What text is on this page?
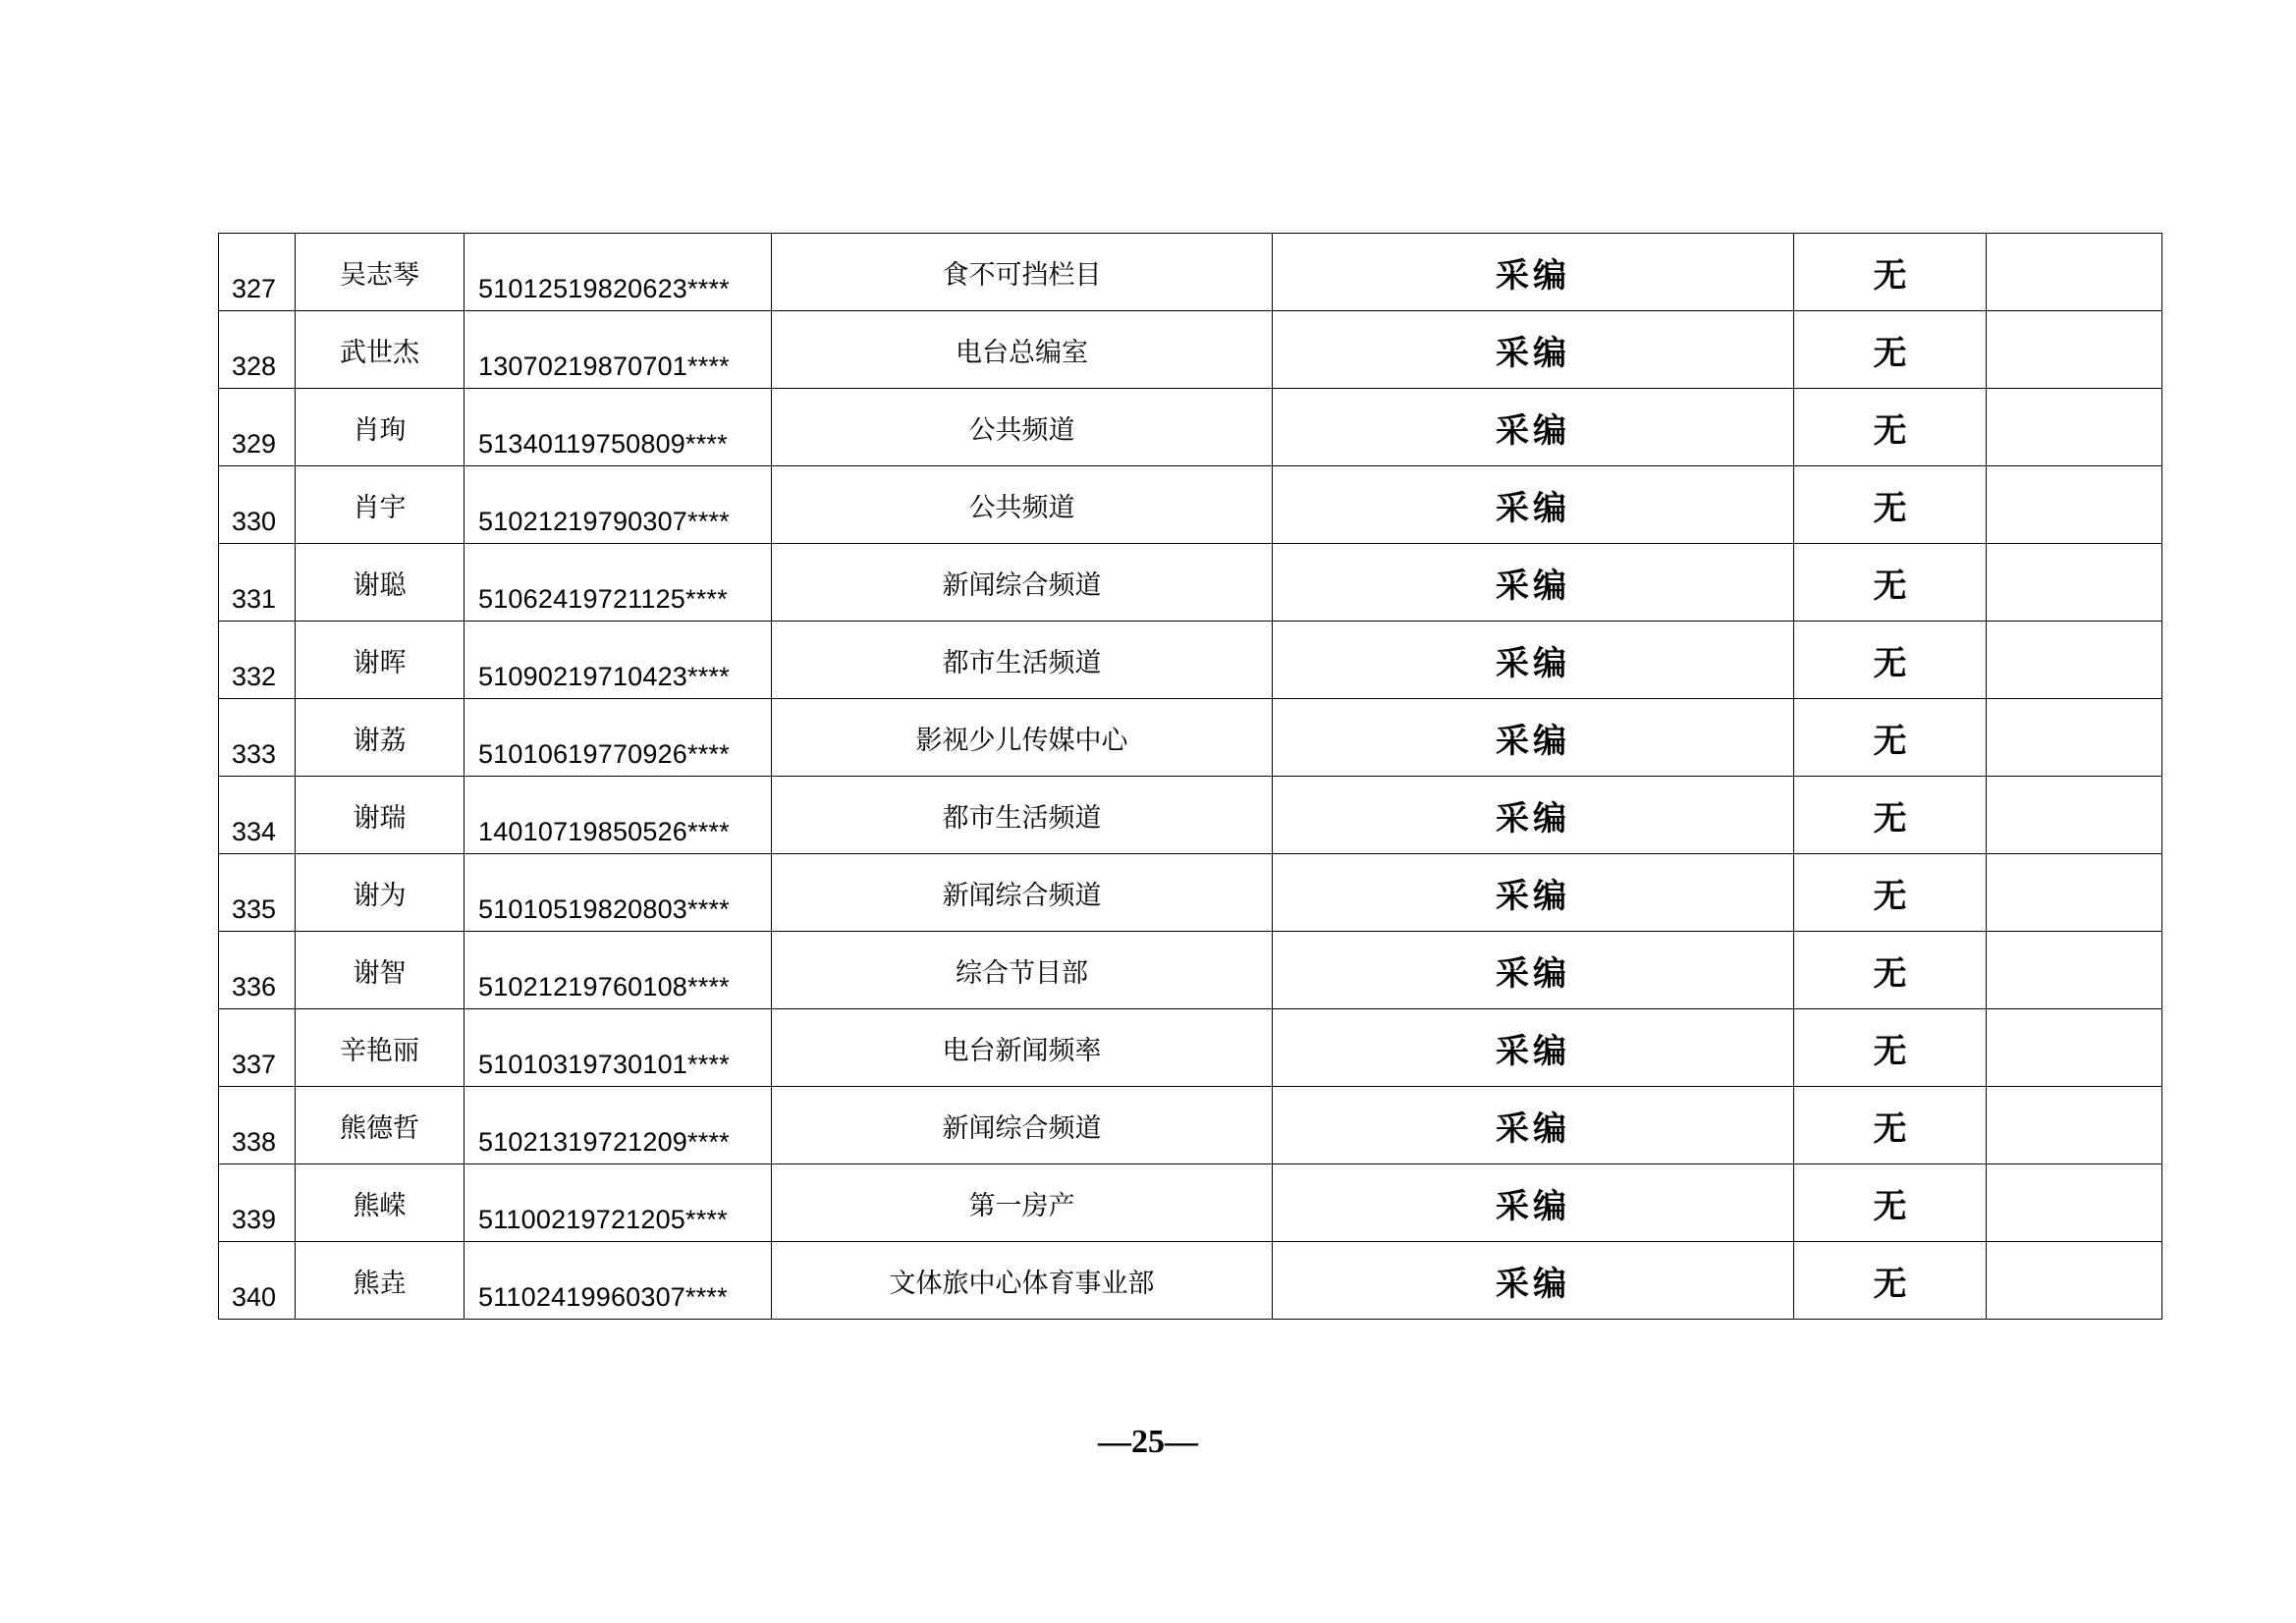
327	吴志琴	51012519820623****	食不可挡栏目	采编	无	
328	武世杰	13070219870701****	电台总编室	采编	无	
329	肖珣	51340119750809****	公共频道	采编	无	
330	肖宇	51021219790307****	公共频道	采编	无	
331	谢聪	51062419721125****	新闻综合频道	采编	无	
332	谢晖	51090219710423****	都市生活频道	采编	无	
333	谢荔	51010619770926****	影视少儿传媒中心	采编	无	
334	谢瑞	14010719850526****	都市生活频道	采编	无	
335	谢为	51010519820803****	新闻综合频道	采编	无	
336	谢智	51021219760108****	综合节目部	采编	无	
337	辛艳丽	51010319730101****	电台新闻频率	采编	无	
338	熊德哲	51021319721209****	新闻综合频道	采编	无	
339	熊嵘	51100219721205****	第一房产	采编	无	
340	熊垚	51102419960307****	文体旅中心体育事业部	采编	无	
—25—
